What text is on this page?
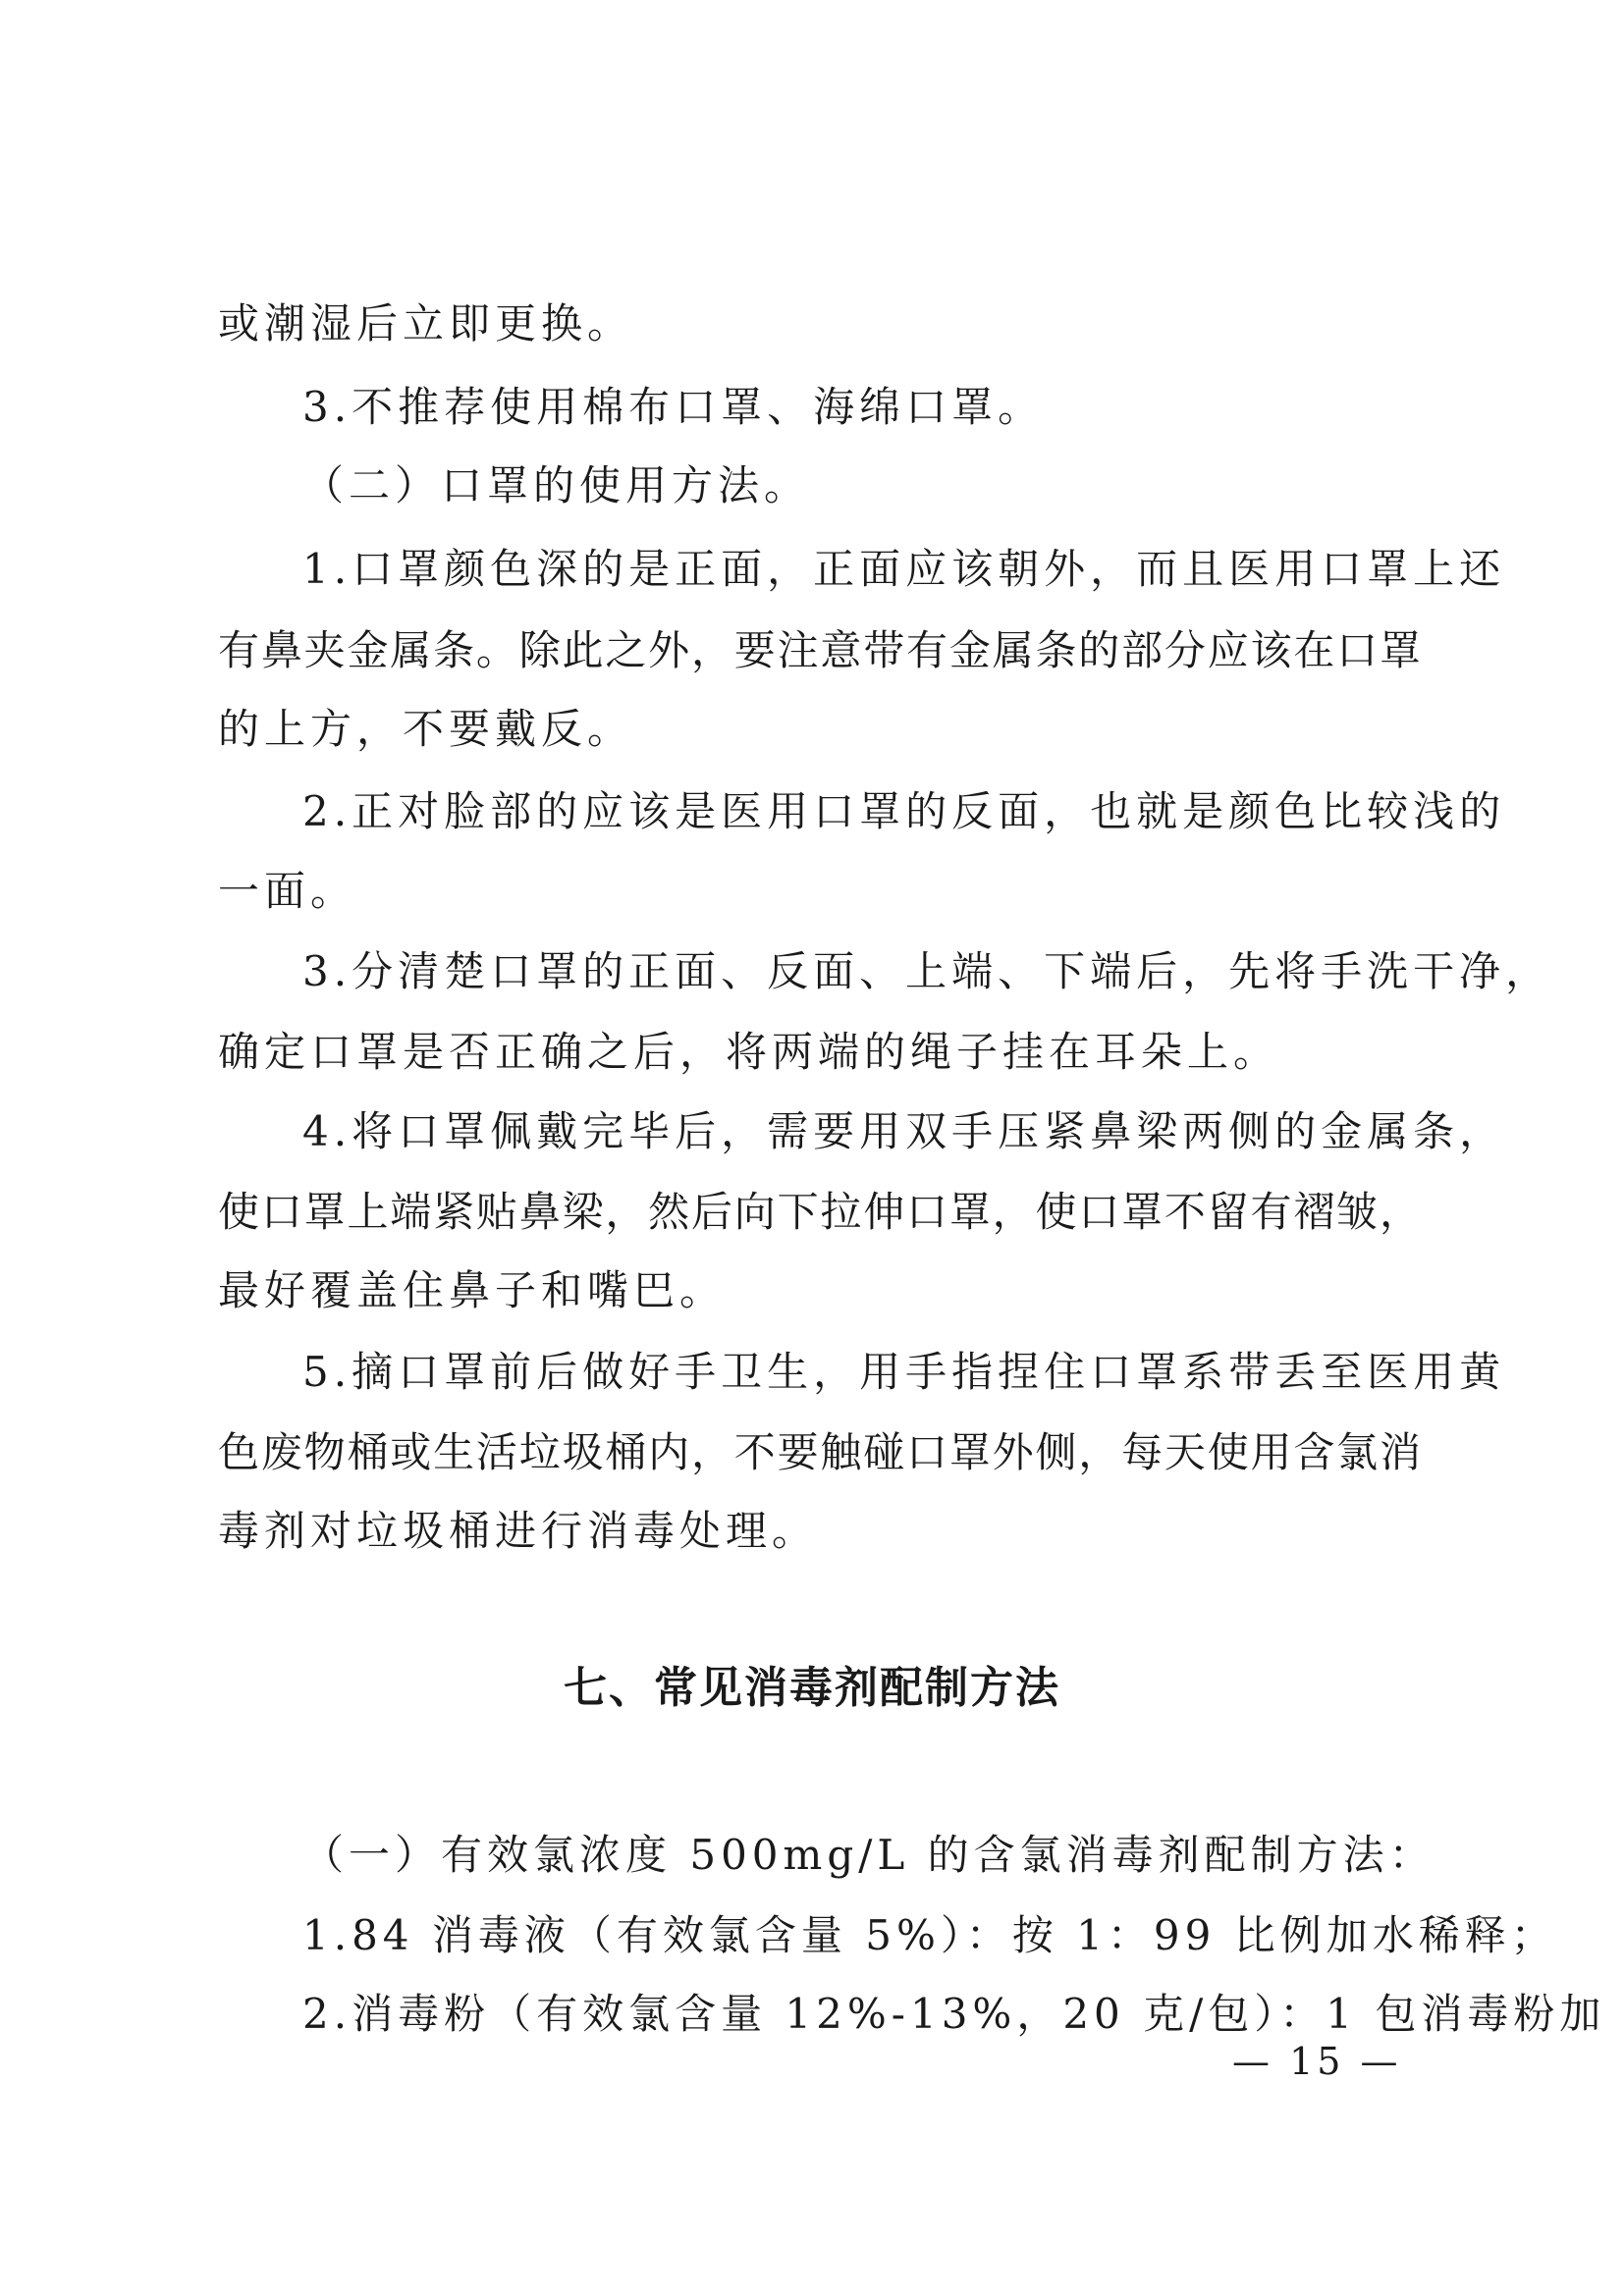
或潮湿后立即更换。
3.不推荐使用棉布口罩、海绵口罩。
（二）口罩的使用方法。
1.口罩颜色深的是正面，正面应该朝外，而且医用口罩上还
有鼻夹金属条。除此之外，要注意带有金属条的部分应该在口罩
的上方，不要戴反。
2.正对脸部的应该是医用口罩的反面，也就是颜色比较浅的
一面。
3.分清楚口罩的正面、反面、上端、下端后，先将手洗干净，
确定口罩是否正确之后，将两端的绳子挂在耳朵上。
4.将口罩佩戴完毕后，需要用双手压紧鼻梁两侧的金属条，
使口罩上端紧贴鼻梁，然后向下拉伸口罩，使口罩不留有褶皱，
最好覆盖住鼻子和嘴巴。
5.摘口罩前后做好手卫生，用手指捏住口罩系带丢至医用黄
色废物桶或生活垃圾桶内，不要触碰口罩外侧，每天使用含氯消
毒剂对垃圾桶进行消毒处理。
七、常见消毒剂配制方法
（一）有效氯浓度 500mg/L 的含氯消毒剂配制方法：
1.84 消毒液（有效氯含量 5%）：按 1：99 比例加水稀释；
2.消毒粉（有效氯含量 12%-13%，20 克/包）：1 包消毒粉加
— 15 —
